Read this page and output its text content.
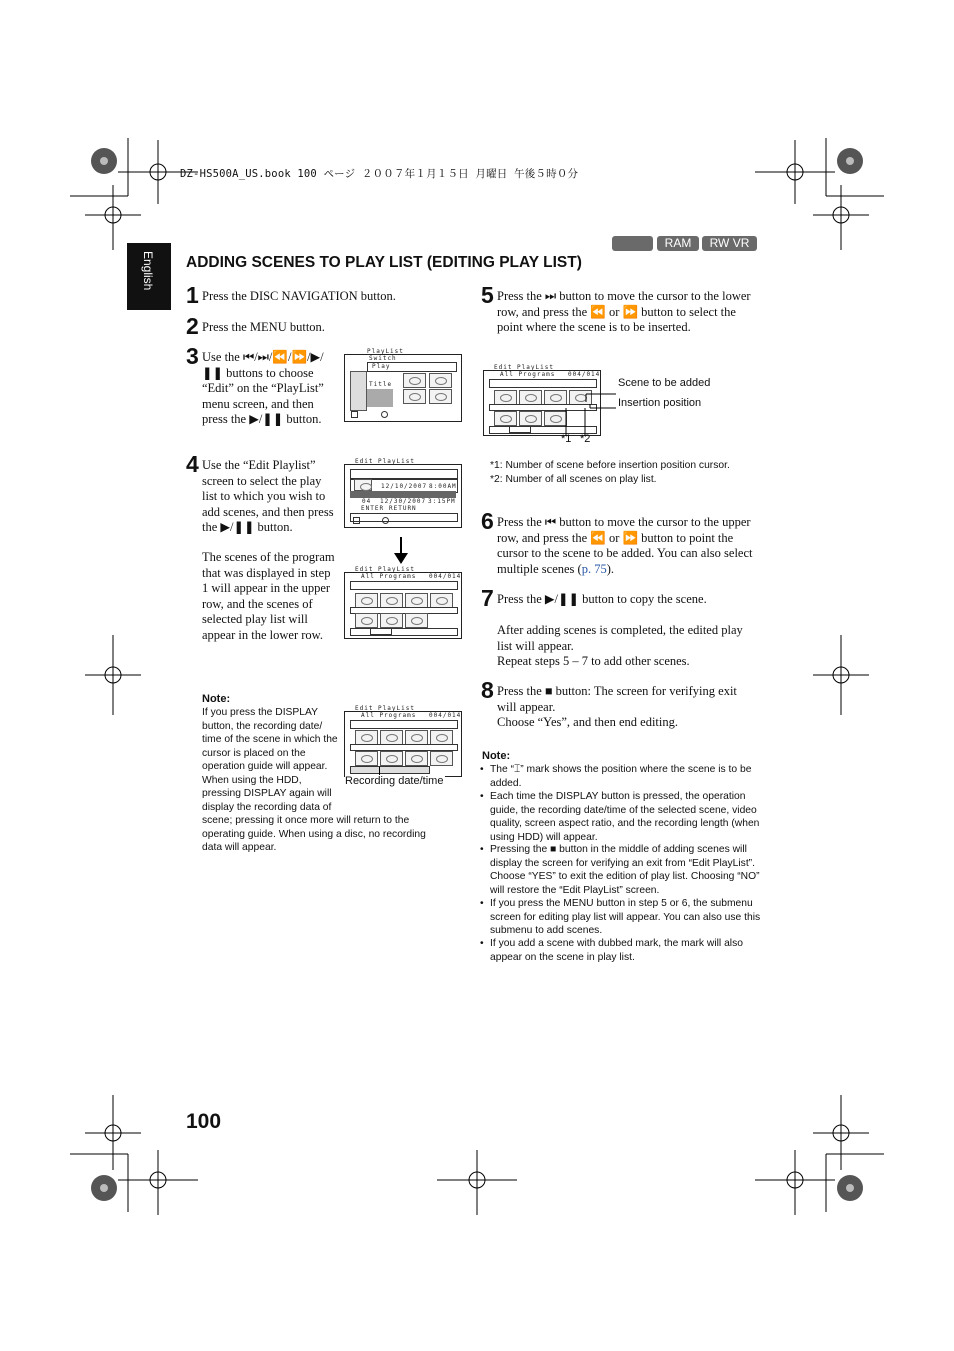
DZ-HS500A_US.book 100 ページ ２００７年１月１５日 月曜日 午後５時０分
English
RAM	RW VR
ADDING SCENES TO PLAY LIST (EDITING PLAY LIST)
1 Press the DISC NAVIGATION button.
2 Press the MENU button.
3 Use the ⏮/⏭/⏪/⏩/▶/❚❚ buttons to choose “Edit” on the “PlayList” menu screen, and then press the ▶/❚❚ button.
PlayList
Switch
Play
Title
4 Use the “Edit Playlist” screen to select the play list to which you wish to add scenes, and then press the ▶/❚❚ button.
Edit PlayList
12/10/2007 8:00AM
04 12/30/2007 3:15PM
ENTER RETURN
The scenes of the program that was displayed in step 1 will appear in the upper row, and the scenes of selected play list will appear in the lower row.
Edit PlayList
All Programs 004/014
Note:
If you press the DISPLAY
button, the recording date/
time of the scene in which the
cursor is placed on the
operation guide will appear.
When using the HDD,
pressing DISPLAY again will
display the recording data of
scene; pressing it once more will return to the
operating guide. When using a disc, no recording
data will appear.
Edit PlayList
All Programs 004/014
Recording date/time
5 Press the ⏭ button to move the cursor to the lower row, and press the ⏪ or ⏩ button to select the point where the scene is to be inserted.
Edit PlayList
All Programs 004/014
Scene to be added
Insertion position
*1 *2
*1: Number of scene before insertion position cursor.
*2: Number of all scenes on play list.
6 Press the ⏮ button to move the cursor to the upper row, and press the ⏪ or ⏩ button to point the cursor to the scene to be added. You can also select multiple scenes (p. 75).
7 Press the ▶/❚❚ button to copy the scene.
After adding scenes is completed, the edited play list will appear.
Repeat steps 5 – 7 to add other scenes.
8 Press the ■ button: The screen for verifying exit will appear.
Choose “Yes”, and then end editing.
Note:
• The “⌶” mark shows the position where the scene is to be added.
• Each time the DISPLAY button is pressed, the operation guide, the recording date/time of the selected scene, video quality, screen aspect ratio, and the recording length (when using HDD) will appear.
• Pressing the ■ button in the middle of adding scenes will display the screen for verifying an exit from “Edit PlayList”. Choose “YES” to exit the edition of play list. Choosing “NO” will restore the “Edit PlayList” screen.
• If you press the MENU button in step 5 or 6, the submenu screen for editing play list will appear. You can also use this submenu to add scenes.
• If you add a scene with dubbed mark, the mark will also appear on the scene in play list.
100
